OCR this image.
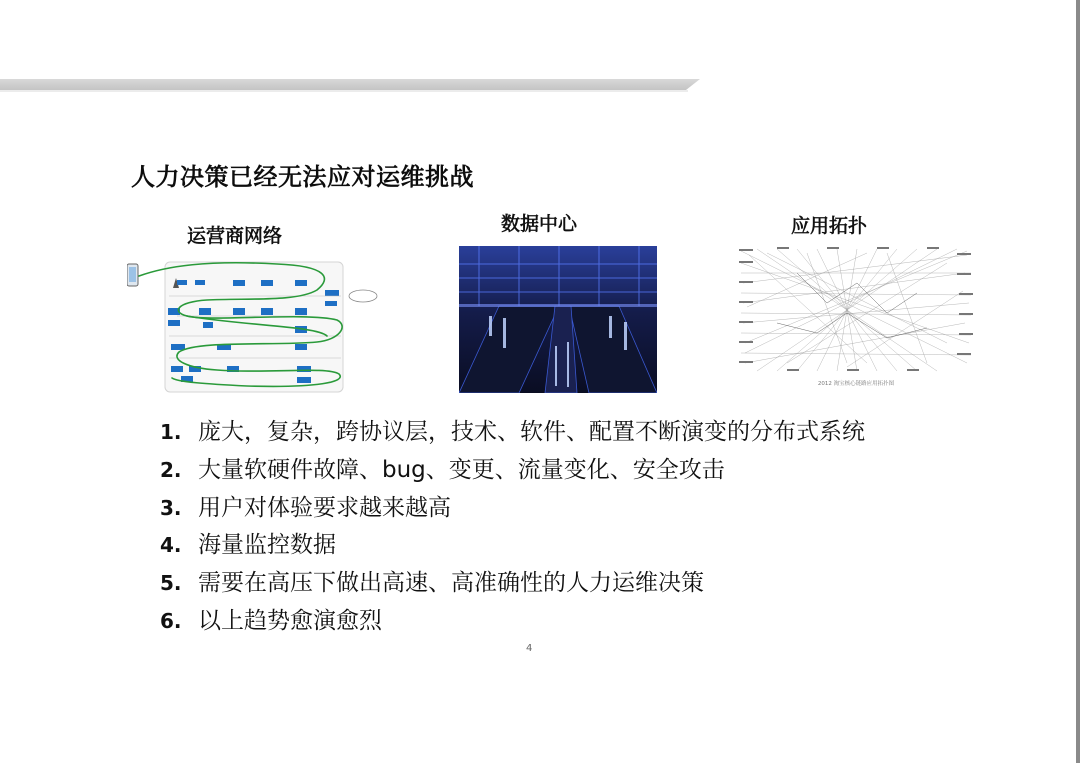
人力决策已经无法应对运维挑战
运营商网络
数据中心	应用拓扑
2012 淘宝核心链路应用拓扑图
1. 庞大，复杂，跨协议层，技术、软件、配置不断演变的分布式系统
2. 大量软硬件故障、bug、变更、流量变化、安全攻击
3. 用户对体验要求越来越高
4. 海量监控数据
5. 需要在高压下做出高速、高准确性的人力运维决策
6. 以上趋势愈演愈烈
4
